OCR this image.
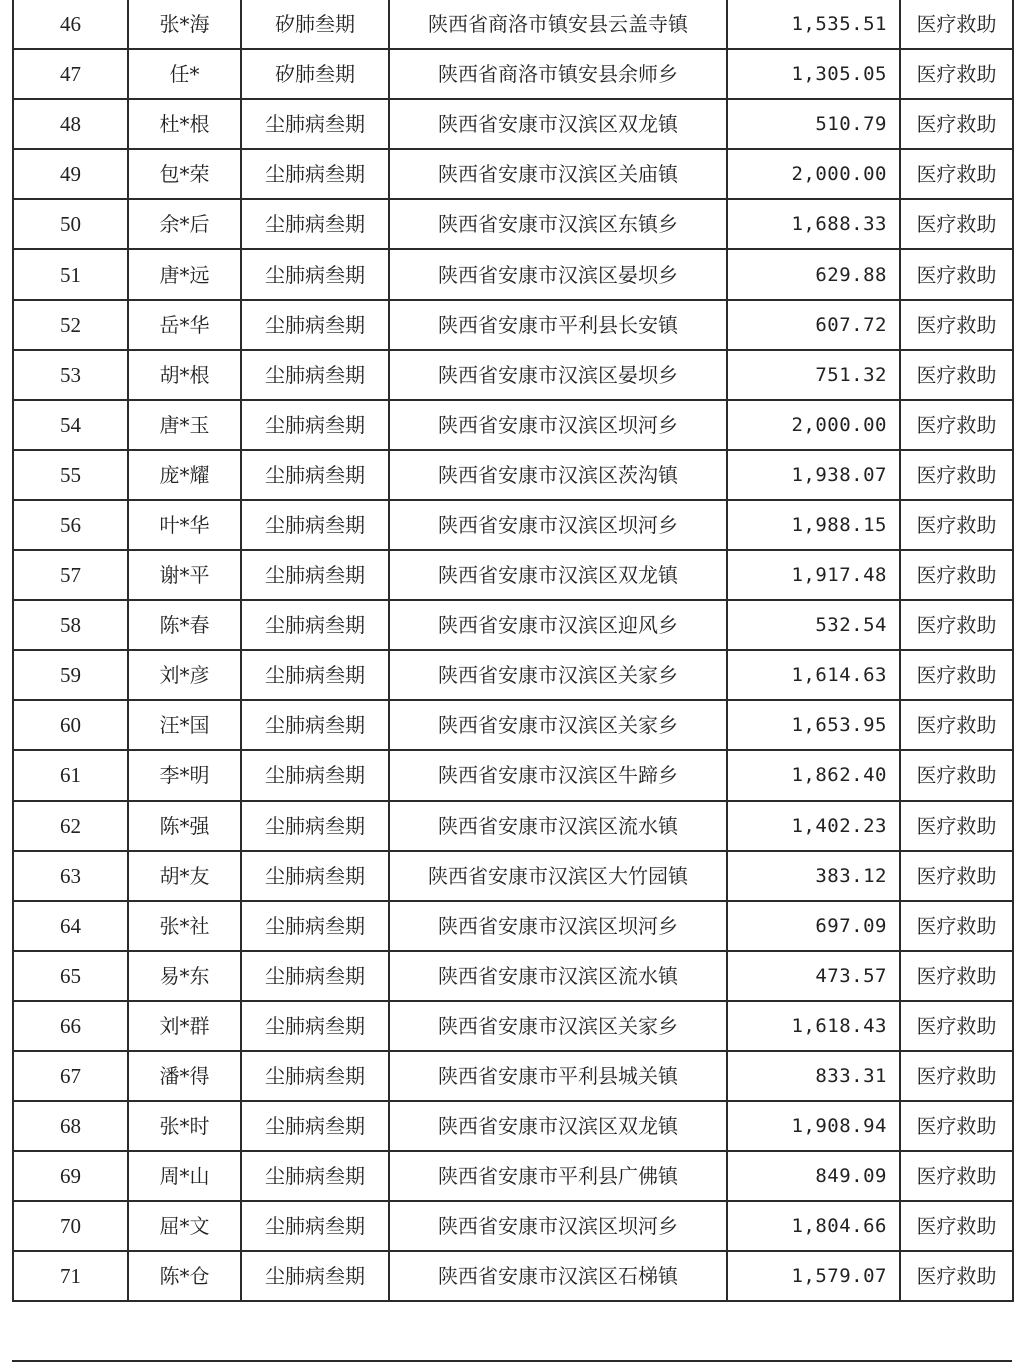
46	张*海	矽肺叁期	陕西省商洛市镇安县云盖寺镇	1,535.51	医疗救助
47	任*	矽肺叁期	陕西省商洛市镇安县余师乡	1,305.05	医疗救助
48	杜*根	尘肺病叁期	陕西省安康市汉滨区双龙镇	510.79	医疗救助
49	包*荣	尘肺病叁期	陕西省安康市汉滨区关庙镇	2,000.00	医疗救助
50	余*后	尘肺病叁期	陕西省安康市汉滨区东镇乡	1,688.33	医疗救助
51	唐*远	尘肺病叁期	陕西省安康市汉滨区晏坝乡	629.88	医疗救助
52	岳*华	尘肺病叁期	陕西省安康市平利县长安镇	607.72	医疗救助
53	胡*根	尘肺病叁期	陕西省安康市汉滨区晏坝乡	751.32	医疗救助
54	唐*玉	尘肺病叁期	陕西省安康市汉滨区坝河乡	2,000.00	医疗救助
55	庞*耀	尘肺病叁期	陕西省安康市汉滨区茨沟镇	1,938.07	医疗救助
56	叶*华	尘肺病叁期	陕西省安康市汉滨区坝河乡	1,988.15	医疗救助
57	谢*平	尘肺病叁期	陕西省安康市汉滨区双龙镇	1,917.48	医疗救助
58	陈*春	尘肺病叁期	陕西省安康市汉滨区迎风乡	532.54	医疗救助
59	刘*彦	尘肺病叁期	陕西省安康市汉滨区关家乡	1,614.63	医疗救助
60	汪*国	尘肺病叁期	陕西省安康市汉滨区关家乡	1,653.95	医疗救助
61	李*明	尘肺病叁期	陕西省安康市汉滨区牛蹄乡	1,862.40	医疗救助
62	陈*强	尘肺病叁期	陕西省安康市汉滨区流水镇	1,402.23	医疗救助
63	胡*友	尘肺病叁期	陕西省安康市汉滨区大竹园镇	383.12	医疗救助
64	张*社	尘肺病叁期	陕西省安康市汉滨区坝河乡	697.09	医疗救助
65	易*东	尘肺病叁期	陕西省安康市汉滨区流水镇	473.57	医疗救助
66	刘*群	尘肺病叁期	陕西省安康市汉滨区关家乡	1,618.43	医疗救助
67	潘*得	尘肺病叁期	陕西省安康市平利县城关镇	833.31	医疗救助
68	张*时	尘肺病叁期	陕西省安康市汉滨区双龙镇	1,908.94	医疗救助
69	周*山	尘肺病叁期	陕西省安康市平利县广佛镇	849.09	医疗救助
70	屈*文	尘肺病叁期	陕西省安康市汉滨区坝河乡	1,804.66	医疗救助
71	陈*仓	尘肺病叁期	陕西省安康市汉滨区石梯镇	1,579.07	医疗救助
